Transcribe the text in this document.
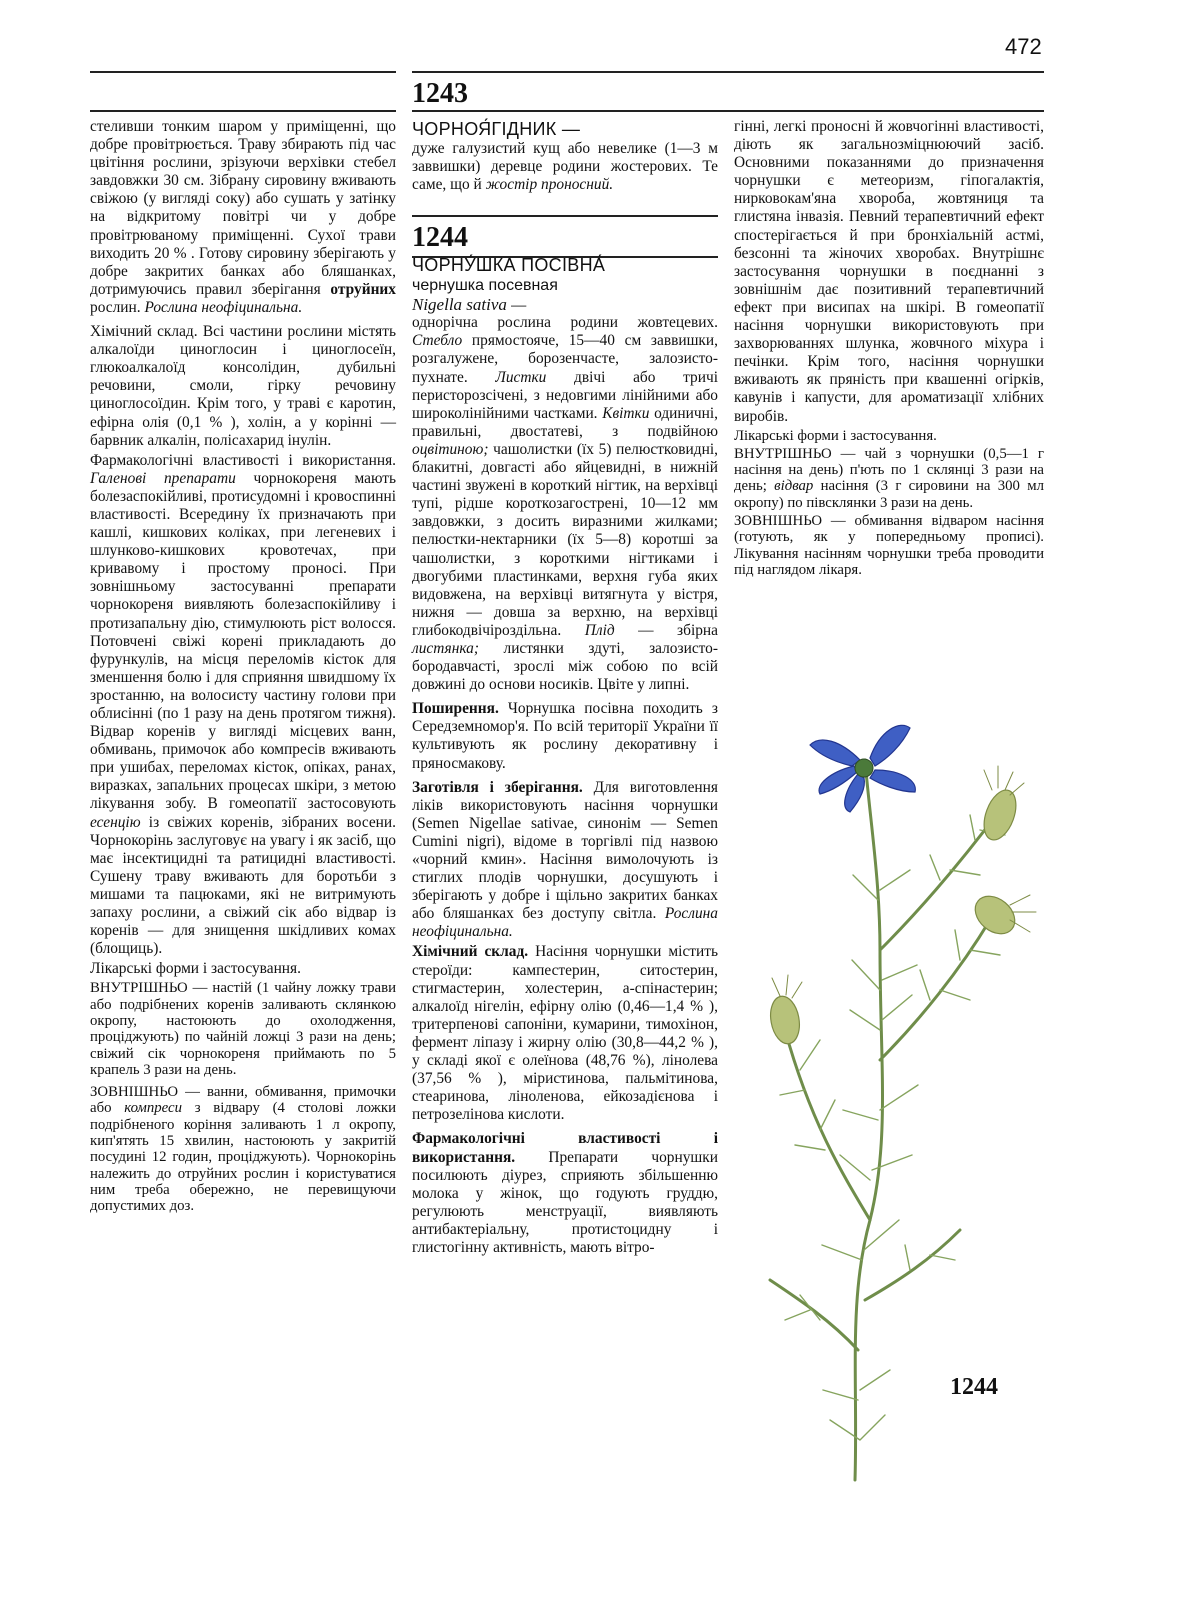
472
1243
1244

стеливши тонким шаром у приміщенні, що добре провітрюється. Траву збирають під час цвітіння рослини, зрізуючи верхівки стебел завдовжки 30 см. Зібрану сировину вживають свіжою (у вигляді соку) або сушать у затінку на відкритому повітрі чи у добре провітрюваному приміщенні. Суxoї трави виходить 20 % . Готову сировину зберігають у добре закритих банках або бляшанках, дотримуючись правил зберігання отруйних рослин. Рослина неофіцинальна.

Хімічний склад. Всі частини рослини містять алкалоїди циноглосин і циноглосеїн, глюкоалкалоїд консолідин, дубильні речовини, смоли, гірку речовину циноглосоїдин. Крім того, у траві є каротин, ефірна олія (0,1 % ), холін, а у корінні — барвник алкалін, полісахарид інулін.

Фармакологічні властивості і використання. Галенові препарати чорнокореня мають болезаспокійливі, протисудомні і кровоспинні властивості. Всередину їх призначають при кашлі, кишкових коліках, при легеневих і шлунково-кишкових кровотечах, при кривавому і простому проносі. При зовнішньому застосуванні препарати чорнокореня виявляють болезаспокійливу і протизапальну дію, стимулюють ріст волосся. Потовчені свіжі корені прикладають до фурункулів, на місця переломів кісток для зменшення болю і для сприяння швидшому їх зростанню, на волосисту частину голови при облисінні (по 1 разу на день протягом тижня). Відвар коренів у вигляді місцевих ванн, обмивань, примочок або компресів вживають при ушибах, переломах кісток, опіках, ранах, виразках, запальних процесах шкіри, з метою лікування зобу. В гомеопатії застосовують есенцію із свіжих коренів, зібраних восени. Чорнокорінь заслуговує на увагу і як засіб, що має інсектицидні та ратицидні властивості. Сушену траву вживають для боротьби з мишами та пацюками, які не витримують запаху рослини, а свіжий сік або відвар із коренів — для знищення шкідливих комах (блощиць).

Лікарські форми і застосування.

ВНУТРІШНЬО — настій (1 чайну ложку трави або подрібнених коренів заливають склянкою окропу, настоюють до охолодження, проціджують) по чайній ложці 3 рази на день; свіжий сік чорнокореня приймають по 5 крапель 3 рази на день.

ЗОВНІШНЬО — ванни, обмивання, примочки або компреси з відвару (4 столові ложки подрібненого коріння заливають 1 л окропу, кип'ятять 15 хвилин, настоюють у закритій посудині 12 годин, проціджують). Чорнокорінь належить до отруйних рослин і користуватися ним треба обережно, не перевищуючи допустимих доз.

ЧОРНОЯ́ГІДНИК —

дуже галузистий кущ або невелике (1—3 м заввишки) деревце родини жостерових. Те саме, що й жостір проносний.

ЧОРНУ́ШКА ПОСІВНА́
чернушка посевная
Nigella sativa —

однорічна рослина родини жовтецевих. Стебло прямостояче, 15—40 см заввишки, розгалужене, борозенчасте, залозисто-пухнате. Листки двічі або тричі перисторозсічені, з недовгими лінійними або широколінійними частками. Квітки одиничні, правильні, двостатеві, з подвійною оцвітиною; чашолистки (їх 5) пелюстковидні, блакитні, довгасті або яйцевидні, в нижній частині звужені в короткий нігтик, на верхівці тупі, рідше короткозагострені, 10—12 мм завдовжки, з досить виразними жилками; пелюстки-нектарники (їх 5—8) коротші за чашолистки, з короткими нігтиками і двогубими пластинками, верхня губа яких видовжена, на верхівці витягнута у вістря, нижня — довша за верхню, на верхівці глибокодвічіроздільна. Плід — збірна листянка; листянки здуті, залозисто-бородавчасті, зрослі між собою по всій довжині до основи носиків. Цвіте у липні.

Поширення. Чорнушка посівна походить з Середземномор'я. По всій території України її культивують як рослину декоративну і пряносмакову.

Заготівля і зберігання. Для виготовлення ліків використовують насіння чорнушки (Semen Nigellae sativae, синонім — Semen Cumini nigri), відоме в торгівлі під назвою «чорний кмин». Насіння вимолочують із стиглих плодів чорнушки, досушують і зберігають у добре і щільно закритих банках або бляшанках без доступу світла. Рослина неофіцинальна.

Хімічний склад. Насіння чорнушки містить стероїди: кампестерин, ситостерин, стигмастерин, холестерин, а-спінастерин; алкалоїд нігелін, ефірну олію (0,46—1,4 % ), тритерпенові сапоніни, кумарини, тимохінон, фермент ліпазу і жирну олію (30,8—44,2 % ), у складі якої є олеїнова (48,76 %), лінолева (37,56 % ), міристинова, пальмітинова, стеаринова, ліноленова, ейкозадієнова і петрозелінова кислоти.

Фармакологічні властивості і використання. Препарати чорнушки посилюють діурез, сприяють збільшенню молока у жінок, що годують груддю, регулюють менструації, виявляють антибактеріальну, протистоцидну і глистогінну активність, мають вітро-

гінні, легкі проносні й жовчогінні властивості, діють як загальнозміцнюючий засіб. Основними показаннями до призначення чорнушки є метеоризм, гіпогалактія, нирковокам'яна хвороба, жовтяниця та глистяна інвазія. Певний терапевтичний ефект спостерігається й при бронхіальній астмі, безсонні та жіночих хворобах. Внутрішнє застосування чорнушки в поєднанні з зовнішнім дає позитивний терапевтичний ефект при висипах на шкірі. В гомеопатії насіння чорнушки використовують при захворюваннях шлунка, жовчного міхура і печінки. Крім того, насіння чорнушки вживають як пряність при квашенні огірків, кавунів і капусти, для ароматизації хлібних виробів.

Лікарські форми і застосування.

ВНУТРІШНЬО — чай з чорнушки (0,5—1 г насіння на день) п'ють по 1 склянці 3 рази на день; відвар насіння (3 г сировини на 300 мл окропу) по півсклянки 3 рази на день.

ЗОВНІШНЬО — обмивання відваром насіння (готують, як у попередньому прописі). Лікування насінням чорнушки треба проводити під наглядом лікаря.

1244
